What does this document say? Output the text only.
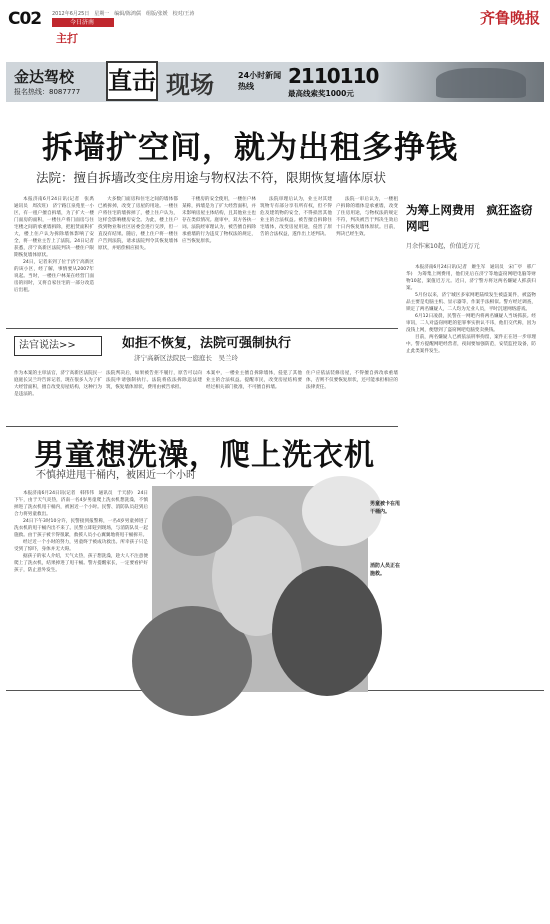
C02 2012年6月25日　星期一　编辑/陈鸿儒　组版/张媛　校对/王涛
今日济南
主打
齐鲁晚报
金达驾校
报名热线：8087777 直击 现场	24小时新闻热线	2110110
最高线索奖1000元
拆墙扩空间，就为出租多挣钱
法院：擅自拆墙改变住房用途与物权法不符，限期恢复墙体原状

本报济南6月24日讯(记者　张禹　通讯员　周次旺)　济宁路江泉苑里一小区，有一租户擅自拆墙，为了扩大一楼门面房的面积，一楼住户将门面房与住宅楼之间的承重墙拆除，把租赁面积扩大，楼上住户认为拆除墙体影响了安全，将一楼业主告上了法院。24日记者获悉，济宁高新区法院判决一楼住户限期恢复墙体原状。

24日，记者来到了位于济宁高新区的该小区，经了解，事情要从2007年说起。当时，一楼住户林某在经营门面房的同时，又将自家住宅的一部分改造后出租。

大多数门面房和住宅之间的墙体都已被拆掉，改变了房屋的用途。一楼住户将住宅的墙拆掉了，楼上住户认为，这样会影响楼房安全。为此，楼上住户找到物业和社区居委会进行交涉，但一直没有结果。随后，楼上住户将一楼住户告到法院，请求法院判令其恢复墙体原状，并赔偿相应损失。

干楼房的安全使用，一楼住户林某称，拆墙是为了扩大经营面积，并未影响房屋主体结构，且其他业主也存在类似情况。庭审中，双方各执一词。法院经审理认为，被告擅自拆除承重墙的行为违反了物权法的规定，应当恢复原状。

法院审理后认为，业主对其建筑物专有部分享有所有权，但不得危及建筑物的安全，不得损害其他业主的合法权益。被告擅自拆除住宅墙体，改变房屋用途，侵害了原告的合法权益，遂作出上述判决。

法院一审后认为，一楼租户拆除的墙体是承重墙，改变了住房用途，与物权法的规定不符，判决被告于判决生效后十日内恢复墙体原状。目前，判决已经生效。

法官说法>>	如拒不恢复，法院可强制执行
济宁高新区法院民一庭庭长　吴兰玲
作为本案的主审法官，济宁高新区法院民一庭庭长吴兰玲告诉记者，现在很多人为了扩大经营面积，擅自改变房屋结构，这种行为是违法的。
法院判决后，如果被告拒不履行，原告可以向法院申请强制执行。法院将依法拆除违法建筑，恢复墙体原状，费用由被告承担。
本案中，一楼业主擅自拆除墙体，侵犯了其他业主的合法权益。提醒市民，改变房屋结构要经过相关部门批准，不可擅自拆墙。
住户应依法装修房屋，不得擅自拆改承重墙体，否则不仅要恢复原状，还可能承担相应的法律责任。
为筹上网费用　疯狂盗窃网吧
月余作案10起，价值近万元

本报济南6月24日讯(记者　姬生军　通讯员　宋广亭　邢广华)　为筹集上网费用，他们先后在济宁等地盗窃网吧电脑等财物10起，案值近万元。近日，济宁警方将这两名嫌疑人抓获归案。

5月份以来，济宁城区多家网吧陆续发生被盗案件，被盗物品主要是电脑主机、显示器等，作案手法相似。警方经过调查，锁定了两名嫌疑人，二人均为无业人员，平时沉迷网络游戏。

6月12日凌晨，民警在一网吧内将两名嫌疑人当场抓获。经审讯，二人对盗窃网吧的犯罪事实供认不讳，他们交代称，因为没钱上网，便想到了盗窃网吧电脑变卖换钱。

目前，两名嫌疑人已被依法刑事拘留，案件正在进一步审理中。警方提醒网吧经营者，夜间要加强防范，安装监控设备，防止此类案件发生。

男童想洗澡，爬上洗衣机
不慎掉进甩干桶内，被困近一个小时

本报济南6月24日讯(记者　韩伟伟　通讯员　于天骄)　24日下午，由于天气炎热，济南一名4岁男童爬上洗衣机想洗澡，不慎掉进了洗衣机甩干桶内，被困近一个小时。民警、消防队员赶到后合力将男童救出。

24日下午3时10分许，民警接到报警称，一名4岁男童掉进了洗衣机的甩干桶内出不来了。民警立即赶到现场，与消防队员一起施救。由于孩子被卡得很紧，救援人员小心翼翼地将甩干桶拆开。

经过近一个小时的努力，男童终于被成功救出。所幸孩子只是受到了惊吓，身体并无大碍。

据孩子的家人介绍，天气太热，孩子想洗澡，趁大人不注意便爬上了洗衣机，结果掉进了甩干桶。警方提醒家长，一定要看护好孩子，防止意外发生。

男童被卡在甩干桶内。
消防人员正在施救。
